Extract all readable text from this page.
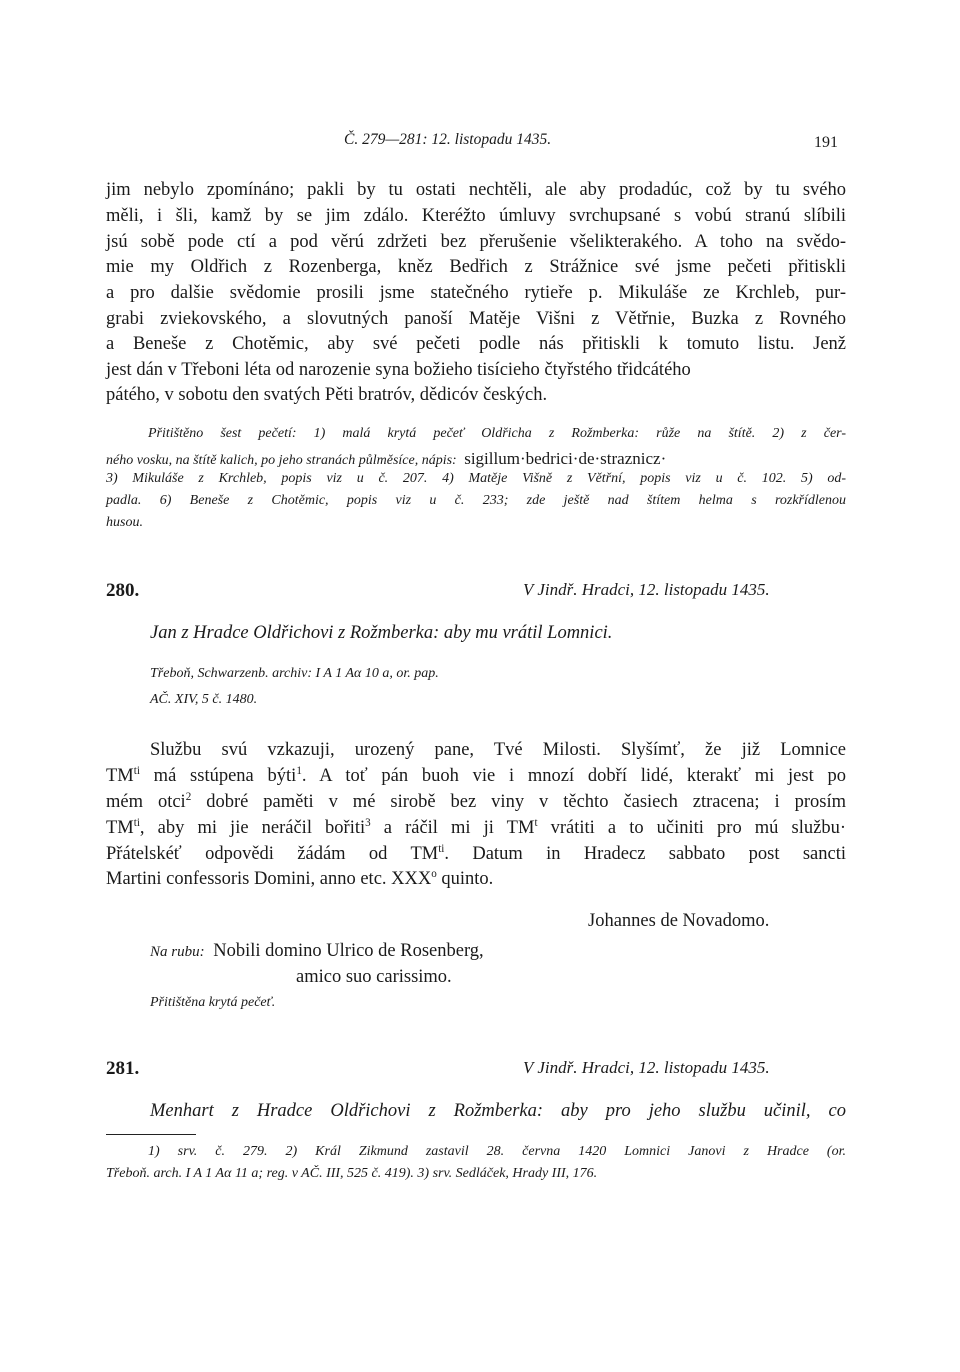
Č. 279—281: 12. listopadu 1435.	191
jim nebylo zpomínáno; pakli by tu ostati nechtěli, ale aby prodadúc, což by tu svého
měli, i šli, kamž by se jim zdálo. Kteréžto úmluvy svrchupsané s vobú stranú slíbili
jsú sobě pode ctí a pod věrú zdržeti bez přerušenie všelikterakého. A toho na svědo-
mie my Oldřich z Rozenberga, kněz Bedřich z Strážnice své jsme pečeti přitiskli
a pro dalšie svědomie prosili jsme statečného rytieře p. Mikuláše ze Krchleb, pur-
grabi zviekovského, a slovutných panoší Matěje Višni z Větřnie, Buzka z Rovného
a Beneše z Chotěmic, aby své pečeti podle nás přitiskli k tomuto listu. Jenž
jest dán v Třeboni léta od narozenie syna božieho tisícieho čtyřstého třidcátého
pátého, v sobotu den svatých Pěti bratróv, dědicóv českých.
Přitištěno šest pečetí: 1) malá krytá pečeť Oldřicha z Rožmberka: růže na štítě. 2) z čer-
ného vosku, na štítě kalich, po jeho stranách půlměsíce, nápis: sigillum·bedrici·de·straznicz·
3) Mikuláše z Krchleb, popis viz u č. 207. 4) Matěje Višně z Větřní, popis viz u č. 102. 5) od-
padla. 6) Beneše z Chotěmic, popis viz u č. 233; zde ještě nad štítem helma s rozkřídlenou
husou.
280.	V Jindř. Hradci, 12. listopadu 1435.
Jan z Hradce Oldřichovi z Rožmberka: aby mu vrátil Lomnici.
Třeboň, Schwarzenb. archiv: I A 1 Aα 10 a, or. pap.
AČ. XIV, 5 č. 1480.
Službu svú vzkazuji, urozený pane, Tvé Milosti. Slyšímť, že již Lomnice
$TM^{ti}$ má sstúpena býti$^1$. A toť pán buoh vie i mnozí dobří lidé, kterakť mi jest po
mém otci$^2$ dobré paměti v mé sirobě bez viny v těchto časiech ztracena; i prosím
$TM^{ti}$, aby mi jie neráčil bořiti$^3$ a ráčil mi ji $TM^t$ vrátiti a to učiniti pro mú službu·
Přátelskéť odpovědi žádám od $TM^{ti}$. Datum in Hradecz sabbato post sancti
Martini confessoris Domini, anno etc. XXX$^o$ quinto.
Johannes de Novadomo.
Na rubu: Nobili domino Ulrico de Rosenberg,
amico suo carissimo.
Přitištěna krytá pečeť.
281.	V Jindř. Hradci, 12. listopadu 1435.
Menhart z Hradce Oldřichovi z Rožmberka: aby pro jeho službu učinil, co
1) srv. č. 279. 2) Král Zikmund zastavil 28. června 1420 Lomnici Janovi z Hradce (or.
Třeboň. arch. I A 1 Aα 11 a; reg. v AČ. III, 525 č. 419). 3) srv. Sedláček, Hrady III, 176.
